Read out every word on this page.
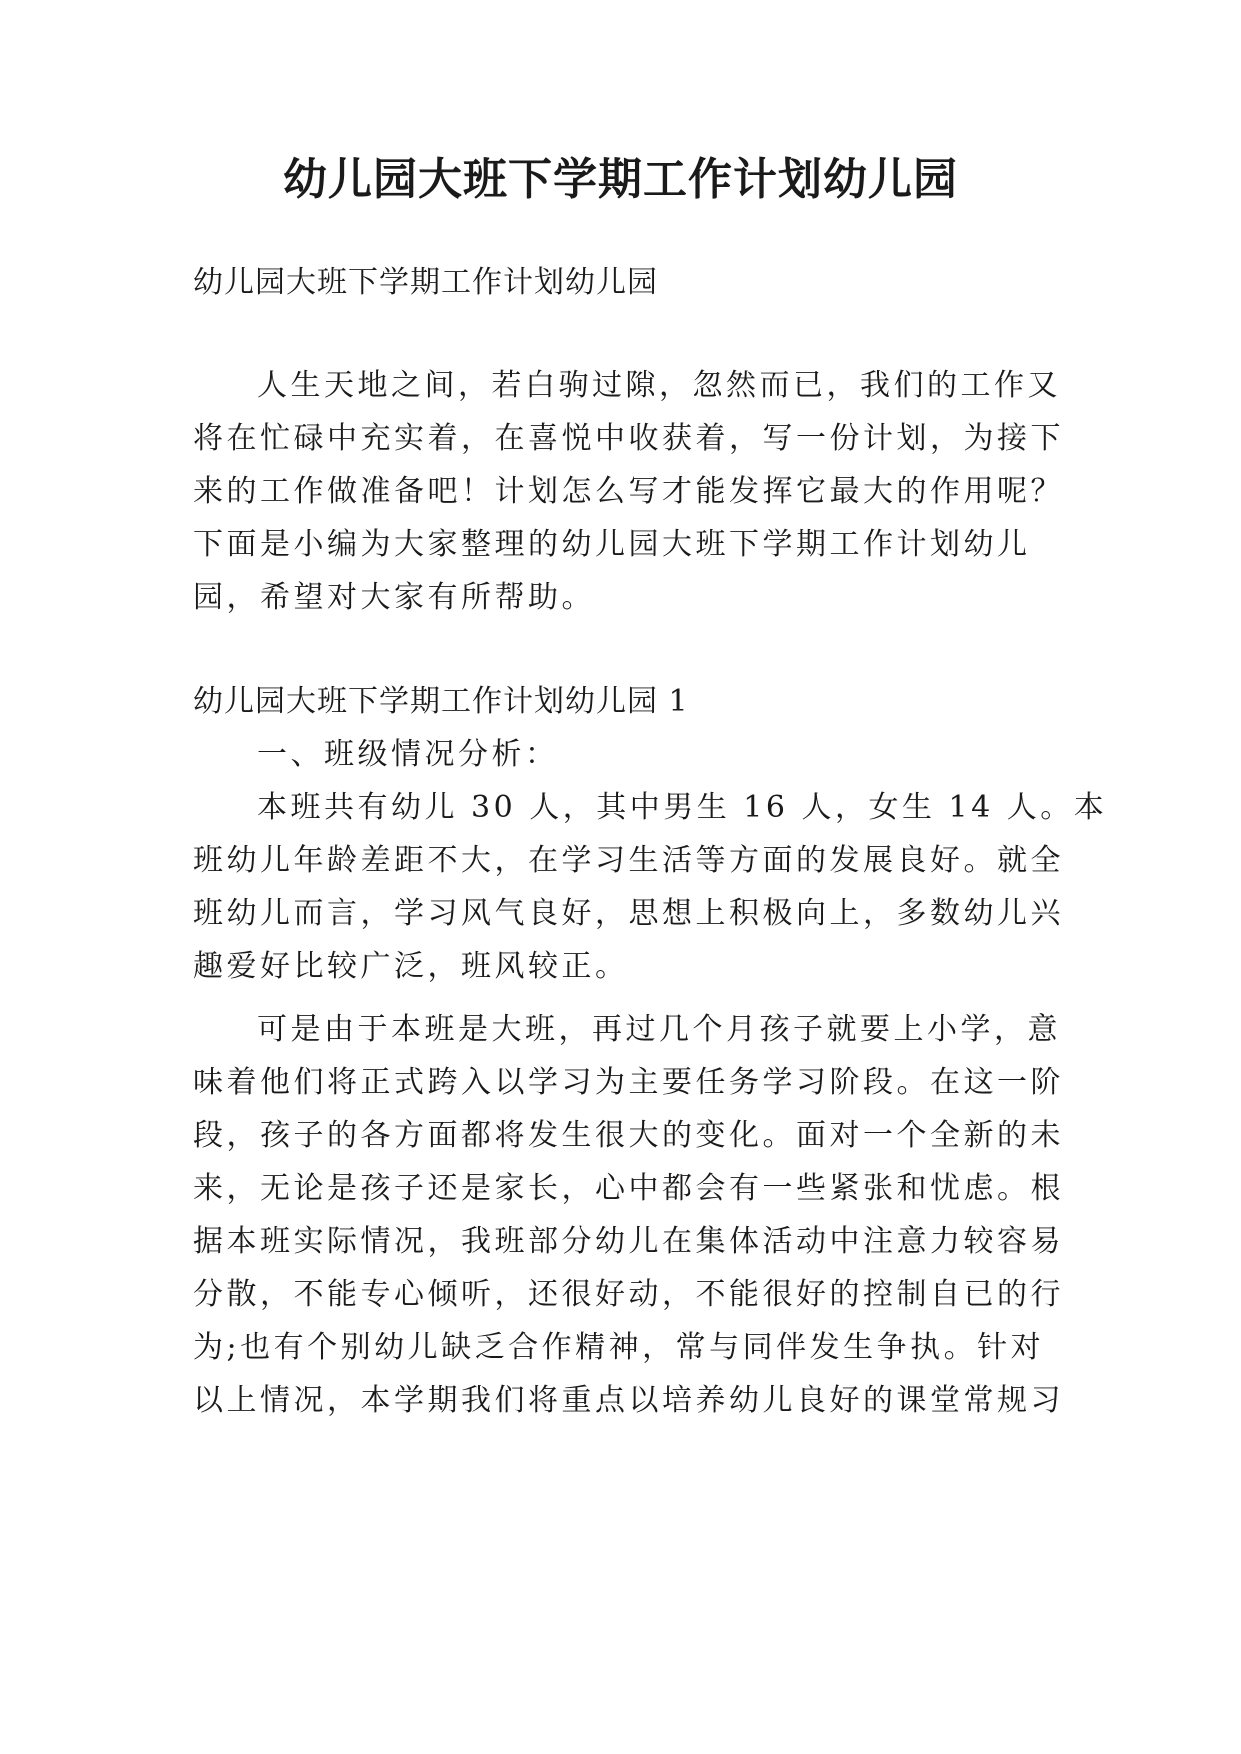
幼儿园大班下学期工作计划幼儿园

幼儿园大班下学期工作计划幼儿园

人生天地之间，若白驹过隙，忽然而已，我们的工作又

将在忙碌中充实着，在喜悦中收获着，写一份计划，为接下

来的工作做准备吧！计划怎么写才能发挥它最大的作用呢？

下面是小编为大家整理的幼儿园大班下学期工作计划幼儿

园，希望对大家有所帮助。

幼儿园大班下学期工作计划幼儿园 1

一、班级情况分析：

本班共有幼儿 30 人，其中男生 16 人，女生 14 人。本

班幼儿年龄差距不大，在学习生活等方面的发展良好。就全

班幼儿而言，学习风气良好，思想上积极向上，多数幼儿兴

趣爱好比较广泛，班风较正。

可是由于本班是大班，再过几个月孩子就要上小学，意

味着他们将正式跨入以学习为主要任务学习阶段。在这一阶

段，孩子的各方面都将发生很大的变化。面对一个全新的未

来，无论是孩子还是家长，心中都会有一些紧张和忧虑。根

据本班实际情况，我班部分幼儿在集体活动中注意力较容易

分散，不能专心倾听，还很好动，不能很好的控制自已的行

为;也有个别幼儿缺乏合作精神，常与同伴发生争执。针对

以上情况，本学期我们将重点以培养幼儿良好的课堂常规习
